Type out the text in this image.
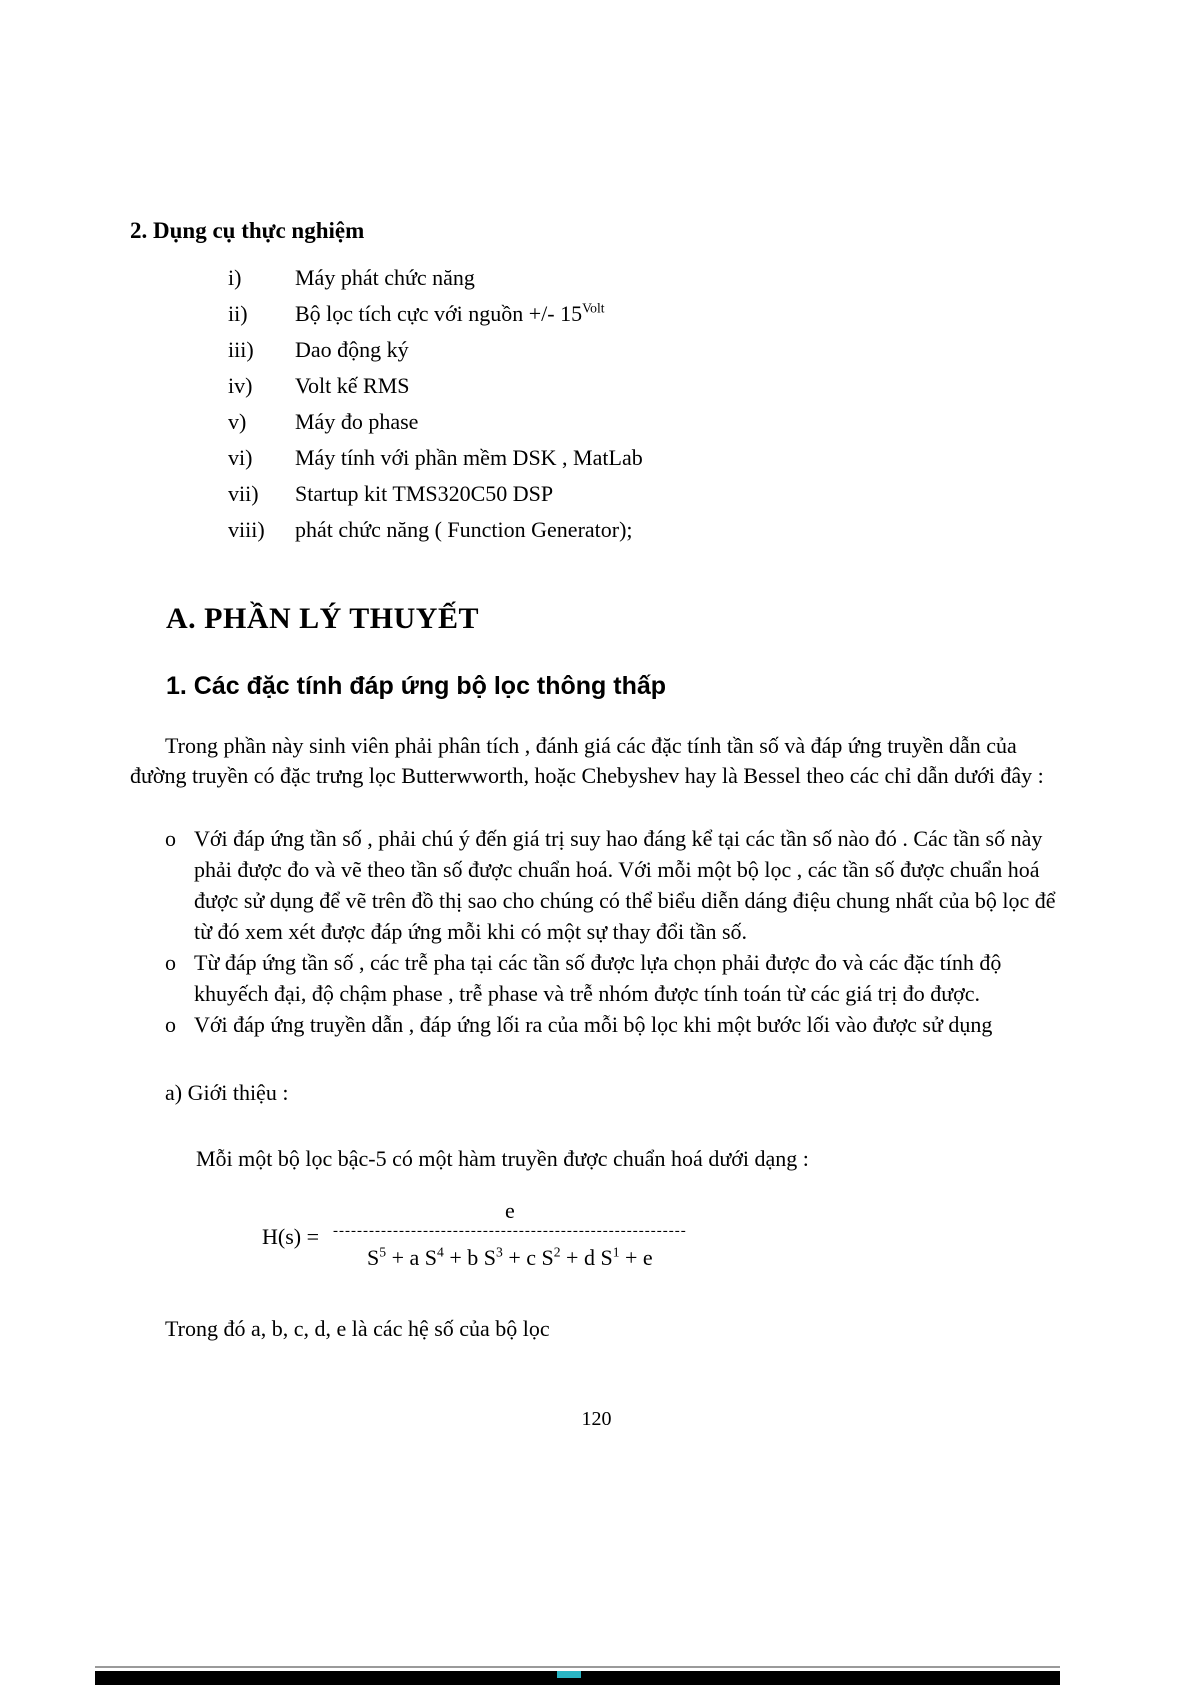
2. Dụng cụ thực nghiệm
i)	Máy phát chức năng
ii)	Bộ lọc tích cực với nguồn +/- $15^{Volt}$
iii)	Dao động ký
iv)	Volt kế RMS
v)	Máy đo phase
vi)	Máy tính với phần mềm DSK , MatLab
vii)	Startup kit TMS320C50 DSP
viii)	phát chức năng ( Function Generator);
A. PHẦN LÝ THUYẾT
1. Các đặc tính đáp ứng bộ lọc thông thấp

Trong phần này sinh viên phải phân tích , đánh giá các đặc tính tần số và đáp ứng truyền dẫn của đường truyền có đặc trưng lọc Butterwworth, hoặc Chebyshev hay là Bessel theo các chỉ dẫn dưới đây :

o Với đáp ứng tần số , phải chú ý đến giá trị suy hao đáng kể tại các tần số nào đó . Các tần số này phải được đo và vẽ theo tần số được chuẩn hoá. Với mỗi một bộ lọc , các tần số được chuẩn hoá được sử dụng để vẽ trên đồ thị sao cho chúng có thể biểu diễn dáng điệu chung nhất của bộ lọc để từ đó xem xét được đáp ứng mỗi khi có một sự thay đổi tần số.
o Từ đáp ứng tần số , các trễ pha tại các tần số được lựa chọn phải được đo và các đặc tính độ khuyếch đại, độ chậm phase , trễ phase và trễ nhóm được tính toán từ các giá trị đo được.
o Với đáp ứng truyền dẫn , đáp ứng lối ra của mỗi bộ lọc khi một bước lối vào được sử dụng

a) Giới thiệu :

Mỗi một bộ lọc bậc-5 có một hàm truyền được chuẩn hoá dưới dạng :

H(s) =
e
-----------------------------------------------------------
$S^5 + a$ $S^4 + b$ $S^3 + c$ $S^2 + d$ $S^1 + e$

Trong đó a, b, c, d, e là các hệ số của bộ lọc

120
